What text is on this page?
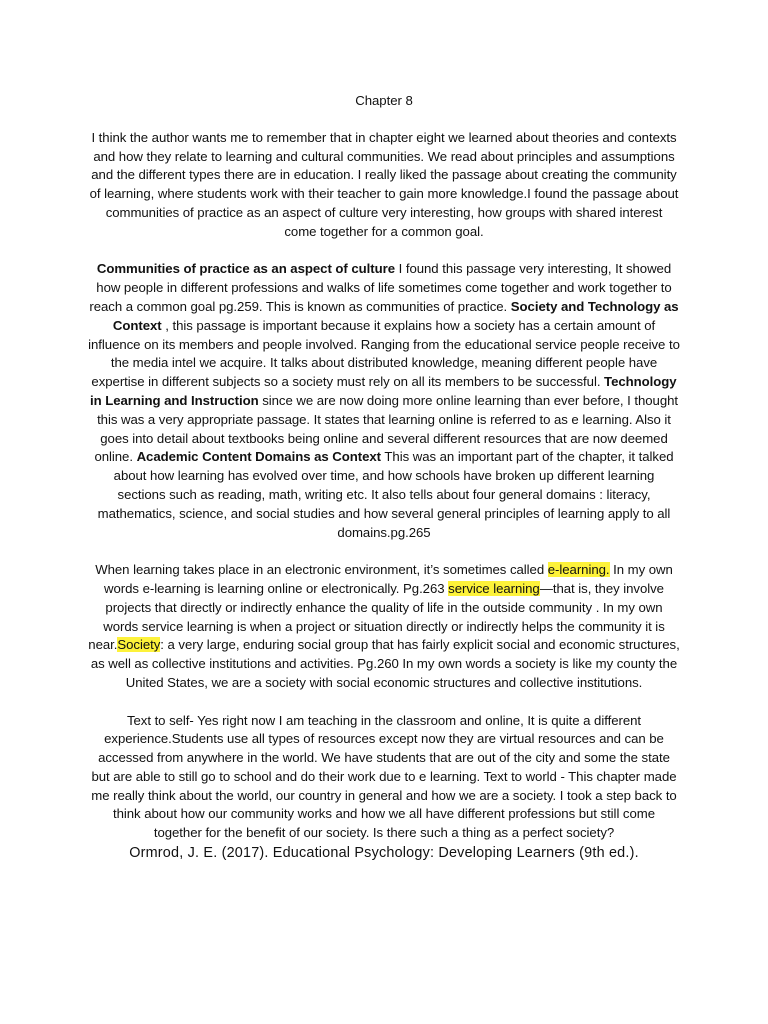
Chapter 8
I think the author wants me to remember that in chapter eight we learned about theories and contexts and how they relate to learning and cultural communities. We read about principles and assumptions and the different types there are in education. I really liked the passage about creating the community of learning, where students work with their teacher to gain more knowledge.I found the passage about communities of practice as an aspect of culture very interesting, how groups with shared interest come together for a common goal.
Communities of practice as an aspect of culture I found this passage very interesting, It showed how people in different professions and walks of life sometimes come together and work together to reach a common goal pg.259. This is known as communities of practice. Society and Technology as Context , this passage is important because it explains how a society has a certain amount of influence on its members and people involved. Ranging from the educational service people receive to the media intel we acquire. It talks about distributed knowledge, meaning different people have expertise in different subjects so a society must rely on all its members to be successful. Technology in Learning and Instruction since we are now doing more online learning than ever before, I thought this was a very appropriate passage. It states that learning online is referred to as e learning. Also it goes into detail about textbooks being online and several different resources that are now deemed online. Academic Content Domains as Context This was an important part of the chapter, it talked about how learning has evolved over time, and how schools have broken up different learning sections such as reading, math, writing etc. It also tells about four general domains : literacy, mathematics, science, and social studies and how several general principles of learning apply to all domains.pg.265
When learning takes place in an electronic environment, it’s sometimes called e-learning. In my own words e-learning is learning online or electronically. Pg.263 service learning—that is, they involve projects that directly or indirectly enhance the quality of life in the outside community . In my own words service learning is when a project or situation directly or indirectly helps the community it is near.Society: a very large, enduring social group that has fairly explicit social and economic structures, as well as collective institutions and activities. Pg.260 In my own words a society is like my county the United States, we are a society with social economic structures and collective institutions.
Text to self- Yes right now I am teaching in the classroom and online, It is quite a different experience.Students use all types of resources except now they are virtual resources and can be accessed from anywhere in the world. We have students that are out of the city and some the state but are able to still go to school and do their work due to e learning. Text to world - This chapter made me really think about the world, our country in general and how we are a society. I took a step back to think about how our community works and how we all have different professions but still come together for the benefit of our society. Is there such a thing as a perfect society?
Ormrod, J. E. (2017). Educational Psychology: Developing Learners (9th ed.).
